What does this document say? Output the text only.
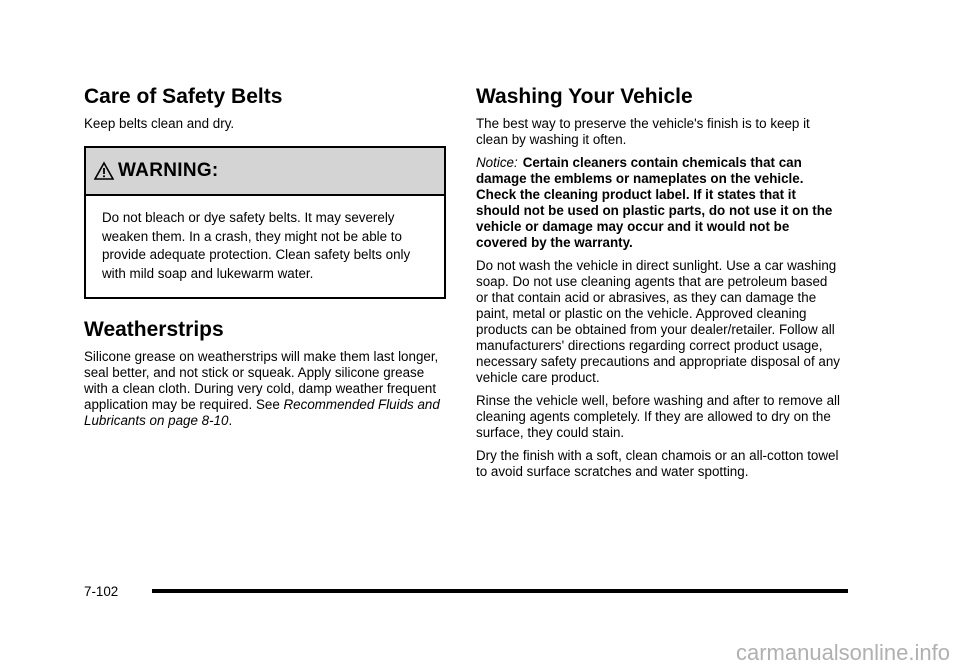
Care of Safety Belts

Keep belts clean and dry.

WARNING:

Do not bleach or dye safety belts. It may severely weaken them. In a crash, they might not be able to provide adequate protection. Clean safety belts only with mild soap and lukewarm water.

Weatherstrips

Silicone grease on weatherstrips will make them last longer, seal better, and not stick or squeak. Apply silicone grease with a clean cloth. During very cold, damp weather frequent application may be required. See Recommended Fluids and Lubricants on page 8-10.

Washing Your Vehicle

The best way to preserve the vehicle's finish is to keep it clean by washing it often.

Notice: Certain cleaners contain chemicals that can damage the emblems or nameplates on the vehicle. Check the cleaning product label. If it states that it should not be used on plastic parts, do not use it on the vehicle or damage may occur and it would not be covered by the warranty.

Do not wash the vehicle in direct sunlight. Use a car washing soap. Do not use cleaning agents that are petroleum based or that contain acid or abrasives, as they can damage the paint, metal or plastic on the vehicle. Approved cleaning products can be obtained from your dealer/retailer. Follow all manufacturers' directions regarding correct product usage, necessary safety precautions and appropriate disposal of any vehicle care product.

Rinse the vehicle well, before washing and after to remove all cleaning agents completely. If they are allowed to dry on the surface, they could stain.

Dry the finish with a soft, clean chamois or an all-cotton towel to avoid surface scratches and water spotting.

7-102
carmanualsonline.info
